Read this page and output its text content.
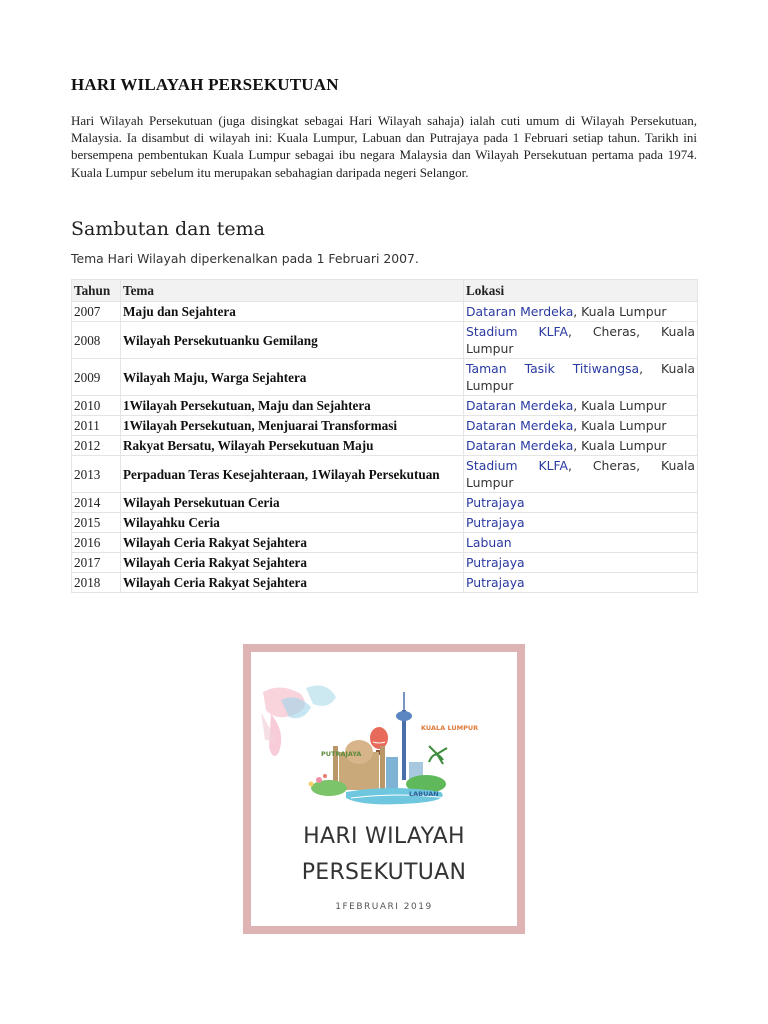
HARI WILAYAH PERSEKUTUAN
Hari Wilayah Persekutuan (juga disingkat sebagai Hari Wilayah sahaja) ialah cuti umum di Wilayah Persekutuan, Malaysia. Ia disambut di wilayah ini: Kuala Lumpur, Labuan dan Putrajaya pada 1 Februari setiap tahun. Tarikh ini bersempena pembentukan Kuala Lumpur sebagai ibu negara Malaysia dan Wilayah Persekutuan pertama pada 1974. Kuala Lumpur sebelum itu merupakan sebahagian daripada negeri Selangor.
Sambutan dan tema
Tema Hari Wilayah diperkenalkan pada 1 Februari 2007.
Tahun	Tema	Lokasi
2007	Maju dan Sejahtera	Dataran Merdeka, Kuala Lumpur
2008	Wilayah Persekutuanku Gemilang	Stadium KLFA, Cheras, Kuala Lumpur
2009	Wilayah Maju, Warga Sejahtera	Taman Tasik Titiwangsa, Kuala Lumpur
2010	1Wilayah Persekutuan, Maju dan Sejahtera	Dataran Merdeka, Kuala Lumpur
2011	1Wilayah Persekutuan, Menjuarai Transformasi	Dataran Merdeka, Kuala Lumpur
2012	Rakyat Bersatu, Wilayah Persekutuan Maju	Dataran Merdeka, Kuala Lumpur
2013	Perpaduan Teras Kesejahteraan, 1Wilayah Persekutuan	Stadium KLFA, Cheras, Kuala Lumpur
2014	Wilayah Persekutuan Ceria	Putrajaya
2015	Wilayahku Ceria	Putrajaya
2016	Wilayah Ceria Rakyat Sejahtera	Labuan
2017	Wilayah Ceria Rakyat Sejahtera	Putrajaya
2018	Wilayah Ceria Rakyat Sejahtera	Putrajaya
KUALA LUMPUR
PUTRAJAYA
LABUAN
HARI WILAYAH
PERSEKUTUAN
1FEBRUARI 2019
